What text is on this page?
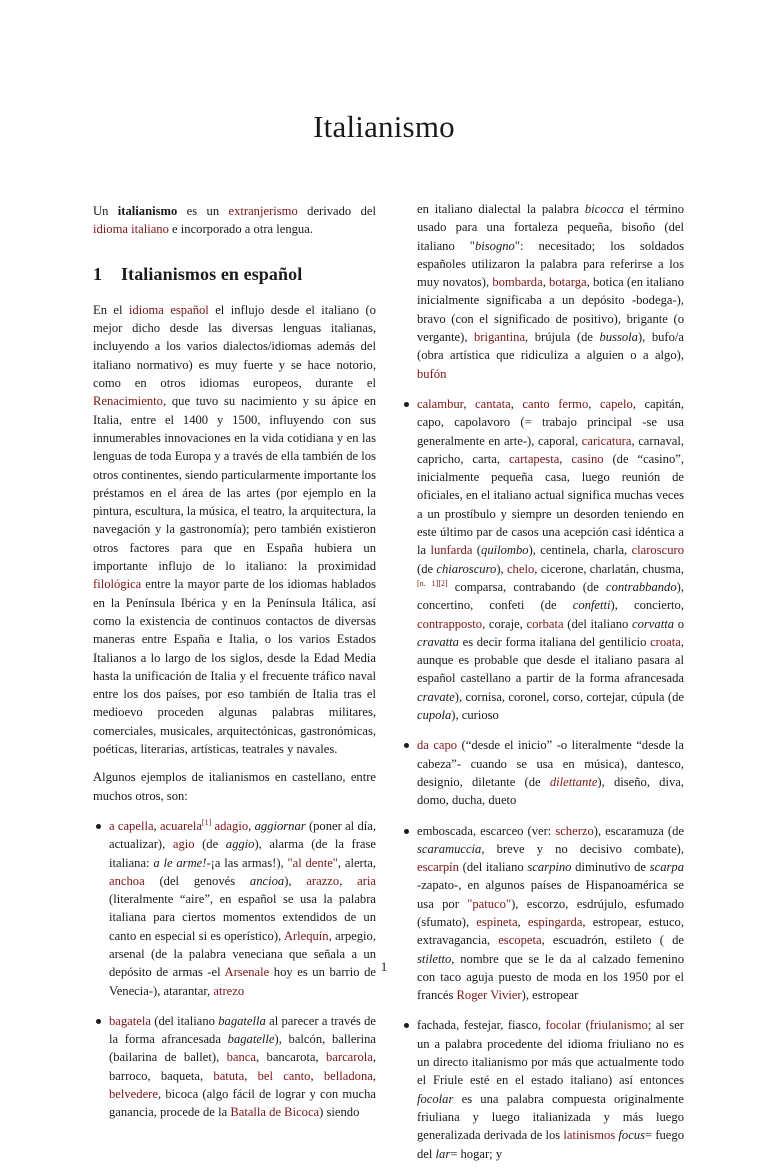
Italianismo

Un italianismo es un extranjerismo derivado del idioma italiano e incorporado a otra lengua.

1 Italianismos en español

En el idioma español el influjo desde el italiano (o mejor dicho desde las diversas lenguas italianas, incluyendo a los varios dialectos/idiomas además del italiano normativo) es muy fuerte y se hace notorio, como en otros idiomas europeos, durante el Renacimiento, que tuvo su nacimiento y su ápice en Italia, entre el 1400 y 1500, influyendo con sus innumerables innovaciones en la vida cotidiana y en las lenguas de toda Europa y a través de ella también de los otros continentes, siendo particularmente importante los préstamos en el área de las artes (por ejemplo en la pintura, escultura, la música, el teatro, la arquitectura, la navegación y la gastronomía); pero también existieron otros factores para que en España hubiera un importante influjo de lo italiano: la proximidad filológica entre la mayor parte de los idiomas hablados en la Península Ibérica y en la Península Itálica, así como la existencia de continuos contactos de diversas maneras entre España e Italia, o los varios Estados Italianos a lo largo de los siglos, desde la Edad Media hasta la unificación de Italia y el frecuente tráfico naval entre los dos países, por eso también de Italia tras el medioevo proceden algunas palabras militares, comerciales, musicales, arquitectónicas, gastronómicas, poéticas, literarias, artísticas, teatrales y navales.

Algunos ejemplos de italianismos en castellano, entre muchos otros, son:

a capella, acuarela[1] adagio, aggiornar (poner al día, actualizar), agio (de aggio), alarma (de la frase italiana: a le arme!-¡a las armas!), "al dente", alerta, anchoa (del genovés ancioa), arazzo, aria (literalmente “aire”, en español se usa la palabra italiana para ciertos momentos extendidos de un canto en especial si es operístico), Arlequín, arpegio, arsenal (de la palabra veneciana que señala a un depósito de armas -el Arsenale hoy es un barrio de Venecia-), atarantar, atrezo
bagatela (del italiano bagatella al parecer a través de la forma afrancesada bagatelle), balcón, ballerina (bailarina de ballet), banca, bancarota, barcarola, barroco, baqueta, batuta, bel canto, belladona, belvedere, bicoca (algo fácil de lograr y con mucha ganancia, procede de la Batalla de Bicoca) siendo

en italiano dialectal la palabra bicocca el término usado para una fortaleza pequeña, bisoño (del italiano "bisogno": necesitado; los soldados españoles utilizaron la palabra para referirse a los muy novatos), bombarda, botarga, botica (en italiano inicialmente significaba a un depósito -bodega-), bravo (con el significado de positivo), brigante (o vergante), brigantina, brújula (de bussola), bufo/a (obra artística que ridiculiza a alguien o a algo), bufón

calambur, cantata, canto fermo, capelo, capitán, capo, capolavoro (= trabajo principal -se usa generalmente en arte-), caporal, caricatura, carnaval, capricho, carta, cartapesta, casino (de “casino”, inicialmente pequeña casa, luego reunión de oficiales, en el italiano actual significa muchas veces a un prostíbulo y siempre un desorden teniendo en este último par de casos una acepción casi idéntica a la lunfarda (quilombo), centinela, charla, claroscuro (de chiaroscuro), chelo, cicerone, charlatán, chusma, [n. 1][2] comparsa, contrabando (de contrabbando), concertino, confeti (de confetti), concierto, contrapposto, coraje, corbata (del italiano corvatta o cravatta es decir forma italiana del gentilicio croata, aunque es probable que desde el italiano pasara al español castellano a partir de la forma afrancesada cravate), cornisa, coronel, corso, cortejar, cúpula (de cupola), curioso
da capo (“desde el inicio” -o literalmente “desde la cabeza”- cuando se usa en música), dantesco, designio, diletante (de dilettante), diseño, diva, domo, ducha, dueto
emboscada, escarceo (ver: scherzo), escaramuza (de scaramuccia, breve y no decisivo combate), escarpín (del italiano scarpino diminutivo de scarpa -zapato-, en algunos países de Hispanoamérica se usa por "patuco"), escorzo, esdrújulo, esfumado (sfumato), espineta, espingarda, estropear, estuco, extravagancia, escopeta, escuadrón, estileto ( de stiletto, nombre que se le da al calzado femenino con taco aguja puesto de moda en los 1950 por el francés Roger Vivier), estropear
fachada, festejar, fiasco, focolar (friulanismo; al ser un a palabra procedente del idioma friuliano no es un directo italianismo por más que actualmente todo el Friule esté en el estado italiano) así entonces focolar es una palabra compuesta originalmente friuliana y luego italianizada y más luego generalizada derivada de los latinismos focus= fuego del lar= hogar; y
1
